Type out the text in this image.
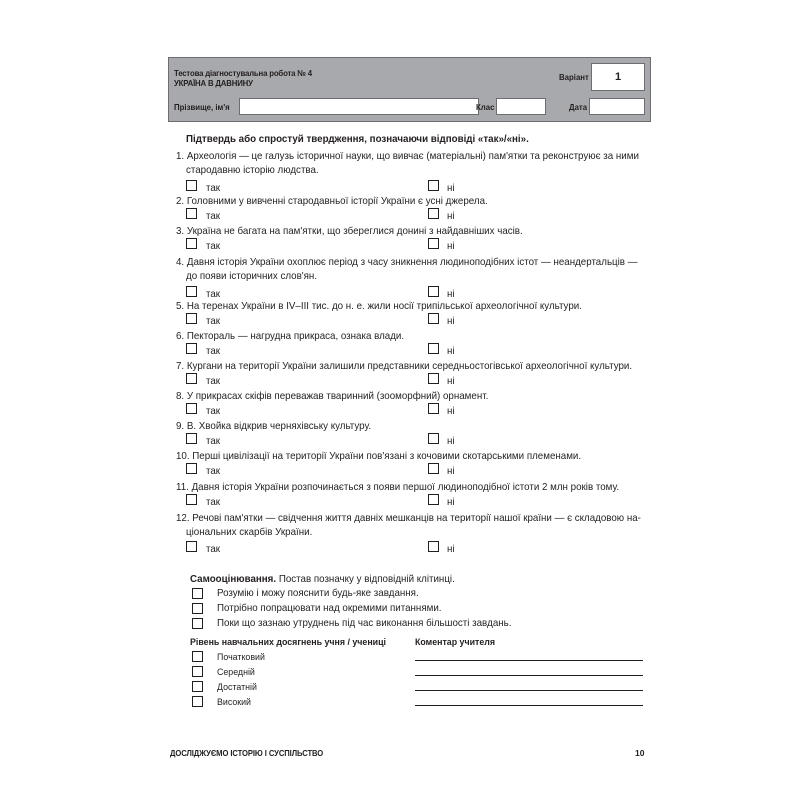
Тестова діагностувальна робота № 4
УКРАЇНА В ДАВНИНУ
Варіант 1
Прізвище, ім'я	Клас	Дата
Підтвердь або спростуй твердження, позначаючи відповіді «так»/«ні».
1. Археологія — це галузь історичної науки, що вивчає (матеріальні) пам'ятки та реконструює за ними
стародавню історію людства.
так	ні
2. Головними у вивченні стародавньої історії України є усні джерела.
так	ні
3. Україна не багата на пам'ятки, що збереглися донині з найдавніших часів.
так	ні
4. Давня історія України охоплює період з часу зникнення людиноподібних істот — неандертальців —
до появи історичних слов'ян.
так	ні
5. На теренах України в IV–III тис. до н. е. жили носії трипільської археологічної культури.
так	ні
6. Пектораль — нагрудна прикраса, ознака влади.
так	ні
7. Кургани на території України залишили представники середньостогівської археологічної культури.
так	ні
8. У прикрасах скіфів переважав тваринний (зооморфний) орнамент.
так	ні
9. В. Хвойка відкрив черняхівську культуру.
так	ні
10. Перші цивілізації на території України пов'язані з кочовими скотарськими племенами.
так	ні
11. Давня історія України розпочинається з появи першої людиноподібної істоти 2 млн років тому.
так	ні
12. Речові пам'ятки — свідчення життя давніх мешканців на території нашої країни — є складовою на-
ціональних скарбів України.
так	ні
Самооцінювання. Постав позначку у відповідній клітинці.
Розумію і можу пояснити будь-яке завдання.
Потрібно попрацювати над окремими питаннями.
Поки що зазнаю утруднень під час виконання більшості завдань.
Рівень навчальних досягнень учня / учениці	Коментар учителя
Початковий
Середній
Достатній
Високий
ДОСЛІДЖУЄМО ІСТОРІЮ І СУСПІЛЬСТВО	10
